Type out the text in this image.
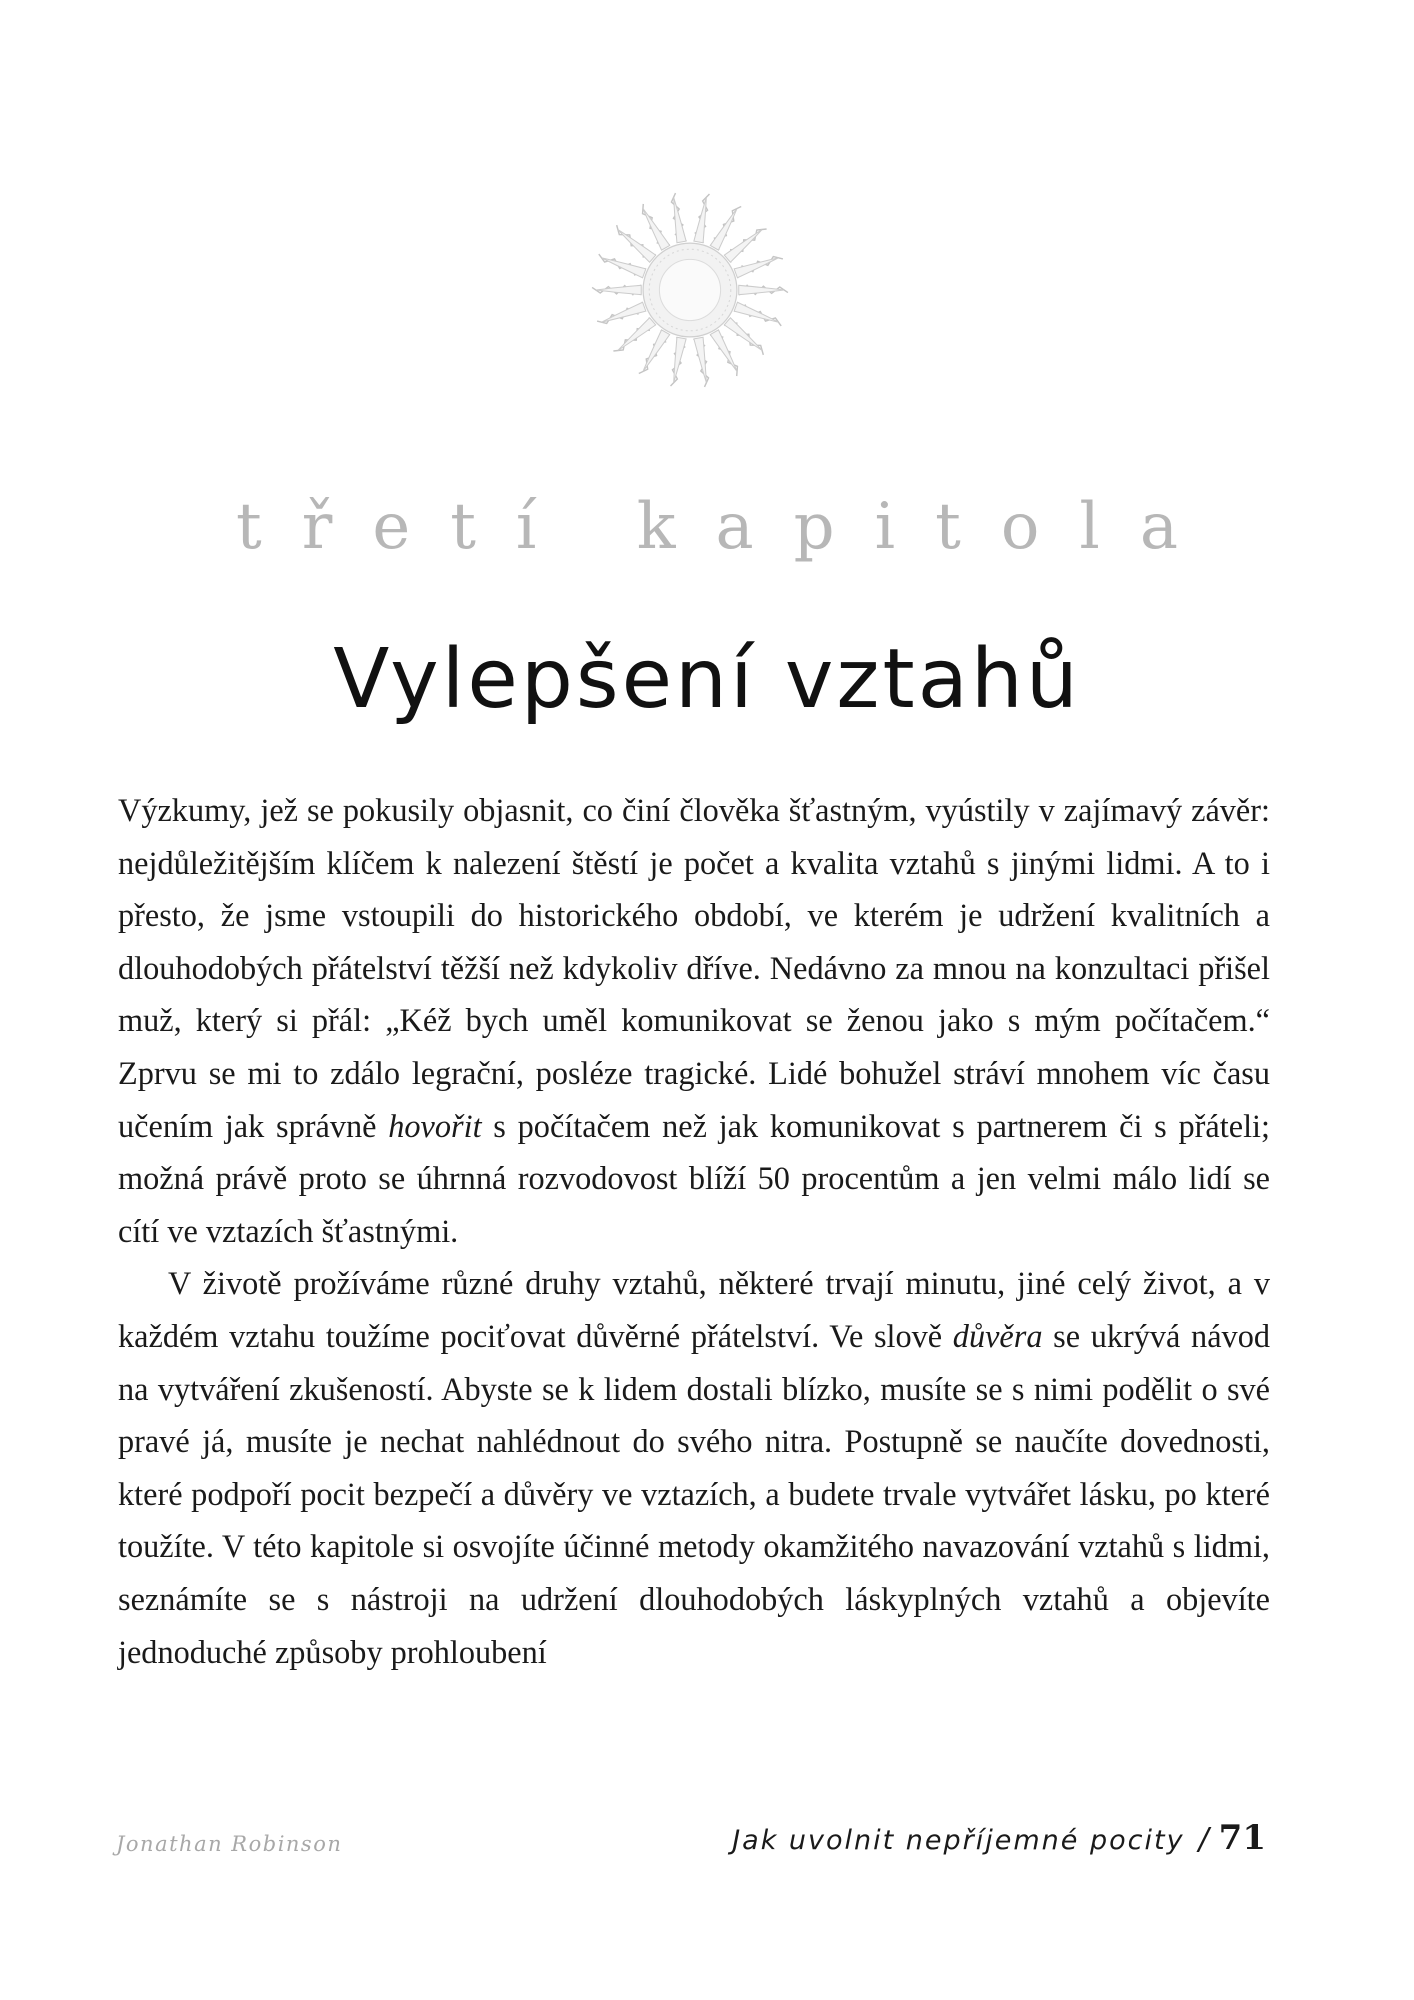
třetí kapitola
Vylepšení vztahů

Výzkumy, jež se pokusily objasnit, co činí člověka šťastným, vyústily v zajímavý závěr: nejdůležitějším klíčem k nalezení štěstí je počet a kvalita vztahů s jinými lidmi. A to i přesto, že jsme vstoupili do historického období, ve kterém je udržení kvalitních a dlouhodobých přátelství těžší než kdykoliv dříve. Nedávno za mnou na konzultaci přišel muž, který si přál: „Kéž bych uměl komunikovat se ženou jako s mým počítačem.“ Zprvu se mi to zdálo legrační, posléze tragické. Lidé bohužel stráví mnohem víc času učením jak správně hovořit s počítačem než jak komunikovat s partnerem či s přáteli; možná právě proto se úhrnná rozvodovost blíží 50 procentům a jen velmi málo lidí se cítí ve vztazích šťastnými.

V životě prožíváme různé druhy vztahů, některé trvají minutu, jiné celý život, a v každém vztahu toužíme pociťovat důvěrné přátelství. Ve slově důvěra se ukrývá návod na vytváření zkušeností. Abyste se k lidem dostali blízko, musíte se s nimi podělit o své pravé já, musíte je nechat nahlédnout do svého nitra. Postupně se naučíte dovednosti, které podpoří pocit bezpečí a důvěry ve vztazích, a budete trvale vytvářet lásku, po které toužíte. V této kapitole si osvojíte účinné metody okamžitého navazování vztahů s lidmi, seznámíte se s nástroji na udržení dlouhodobých láskyplných vztahů a objevíte jednoduché způsoby prohloubení

Jonathan Robinson	Jak uvolnit nepříjemné pocity / 71
